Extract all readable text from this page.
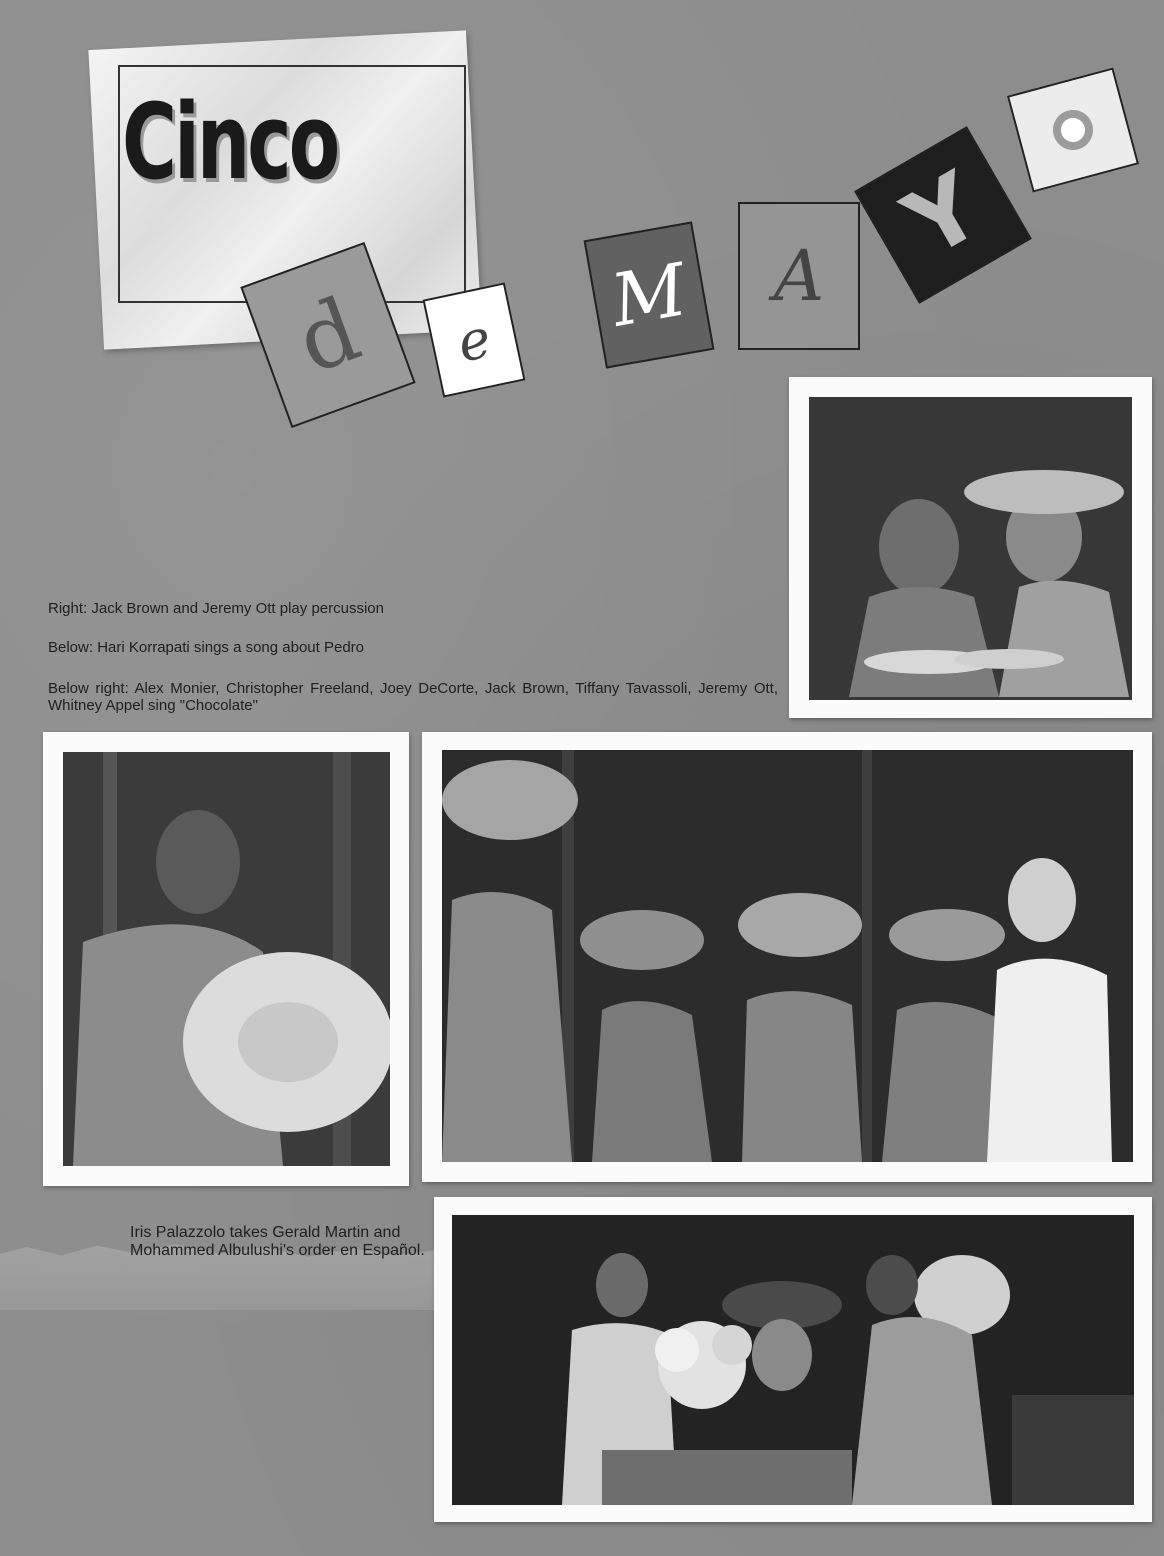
Cinco
d e M A Y

Right: Jack Brown and Jeremy Ott play percussion

Below: Hari Korrapati sings a song about Pedro

Below right: Alex Monier, Christopher Freeland, Joey DeCorte, Jack Brown, Tiffany Tavassoli, Jeremy Ott, Whitney Appel sing "Chocolate"

Iris Palazzolo takes Gerald Martin and Mohammed Albulushi's order en Español.
